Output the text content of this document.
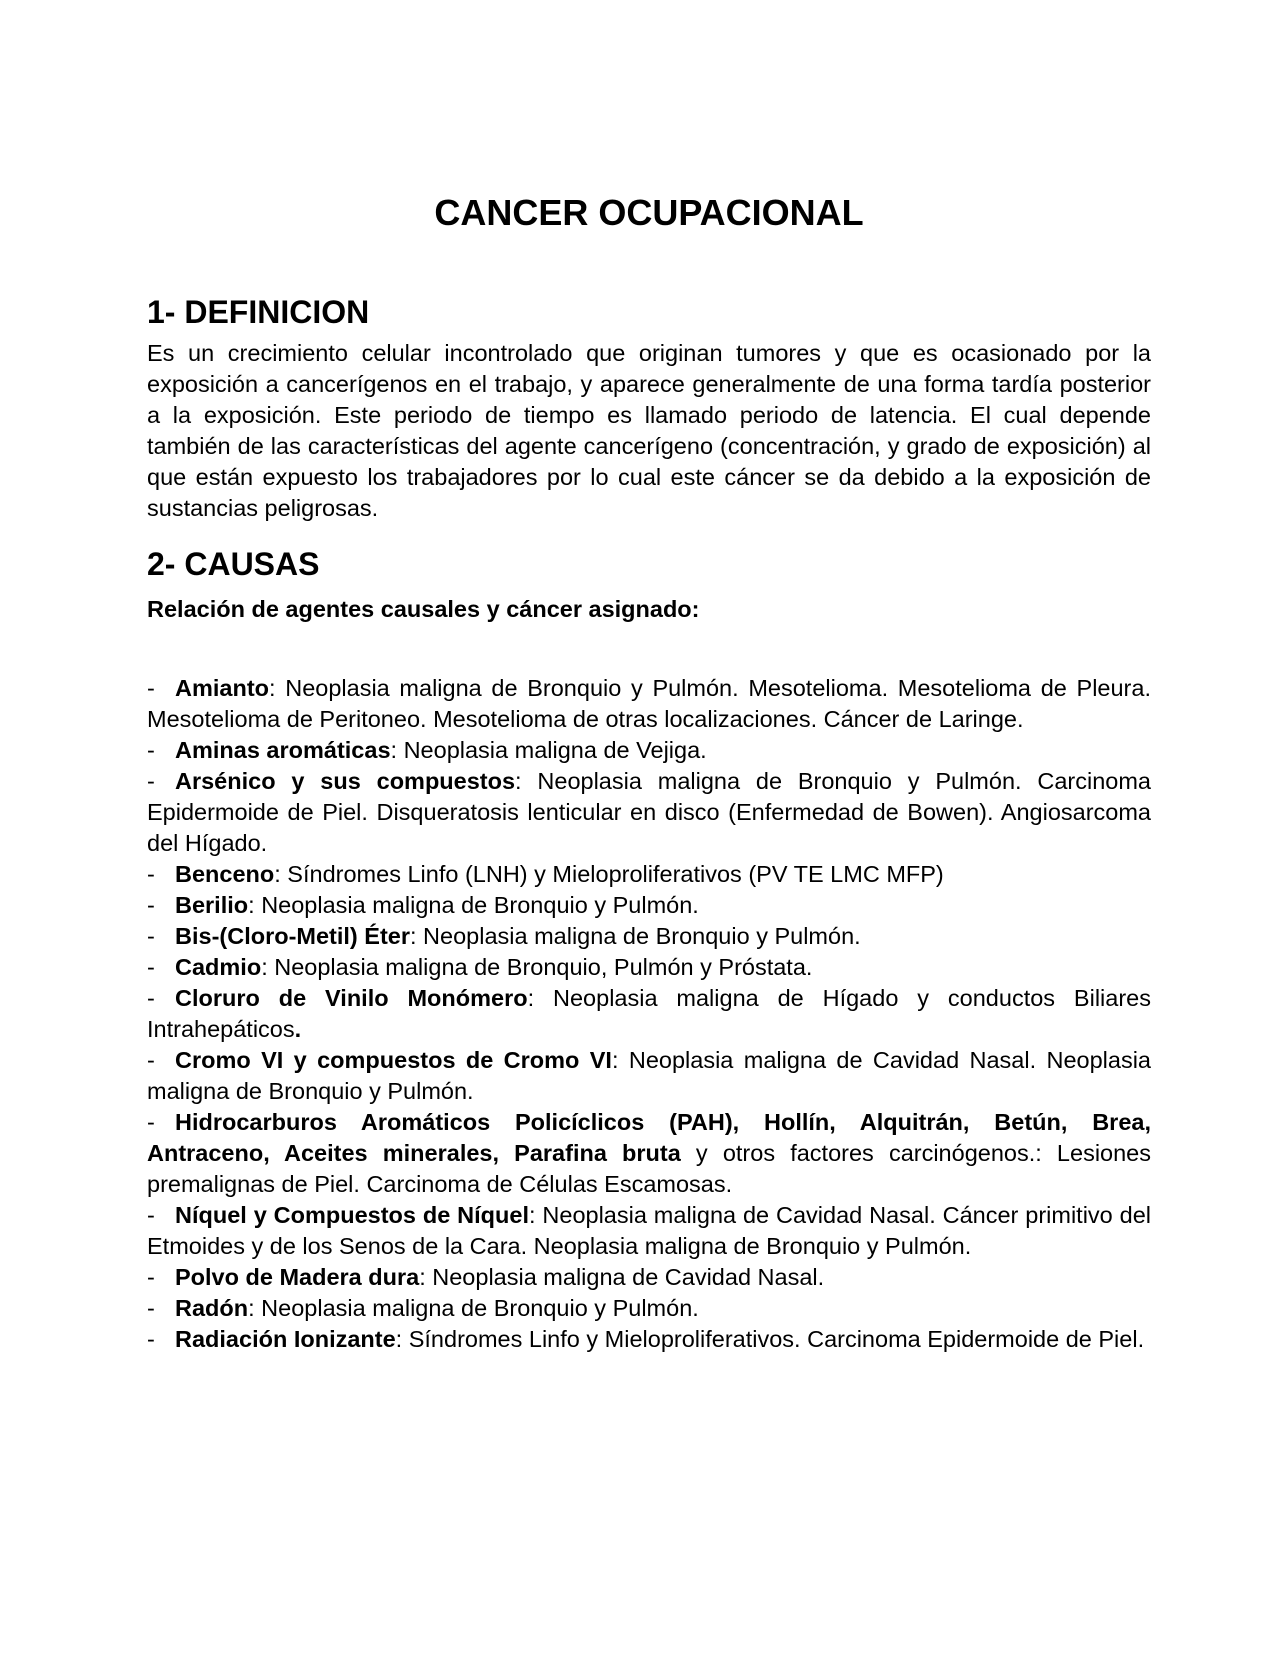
CANCER OCUPACIONAL
1- DEFINICION

Es un crecimiento celular incontrolado que originan tumores y que es ocasionado por la exposición a cancerígenos en el trabajo, y aparece generalmente de una forma tardía posterior a la exposición. Este periodo de tiempo es llamado periodo de latencia. El cual depende también de las características del agente cancerígeno (concentración, y grado de exposición) al que están expuesto los trabajadores por lo cual este cáncer se da debido a la exposición de sustancias peligrosas.

2- CAUSAS

Relación de agentes causales y cáncer asignado:

- Amianto: Neoplasia maligna de Bronquio y Pulmón. Mesotelioma. Mesotelioma de Pleura. Mesotelioma de Peritoneo. Mesotelioma de otras localizaciones. Cáncer de Laringe.
- Aminas aromáticas: Neoplasia maligna de Vejiga.
- Arsénico y sus compuestos: Neoplasia maligna de Bronquio y Pulmón. Carcinoma Epidermoide de Piel. Disqueratosis lenticular en disco (Enfermedad de Bowen). Angiosarcoma del Hígado.
- Benceno: Síndromes Linfo (LNH) y Mieloproliferativos (PV TE LMC MFP)
- Berilio: Neoplasia maligna de Bronquio y Pulmón.
- Bis-(Cloro-Metil) Éter: Neoplasia maligna de Bronquio y Pulmón.
- Cadmio: Neoplasia maligna de Bronquio, Pulmón y Próstata.
- Cloruro de Vinilo Monómero: Neoplasia maligna de Hígado y conductos Biliares Intrahepáticos.
- Cromo VI y compuestos de Cromo VI: Neoplasia maligna de Cavidad Nasal. Neoplasia maligna de Bronquio y Pulmón.
- Hidrocarburos Aromáticos Policíclicos (PAH), Hollín, Alquitrán, Betún, Brea, Antraceno, Aceites minerales, Parafina bruta y otros factores carcinógenos.: Lesiones premalignas de Piel. Carcinoma de Células Escamosas.
- Níquel y Compuestos de Níquel: Neoplasia maligna de Cavidad Nasal. Cáncer primitivo del Etmoides y de los Senos de la Cara. Neoplasia maligna de Bronquio y Pulmón.
- Polvo de Madera dura: Neoplasia maligna de Cavidad Nasal.
- Radón: Neoplasia maligna de Bronquio y Pulmón.
- Radiación Ionizante: Síndromes Linfo y Mieloproliferativos. Carcinoma Epidermoide de Piel.
